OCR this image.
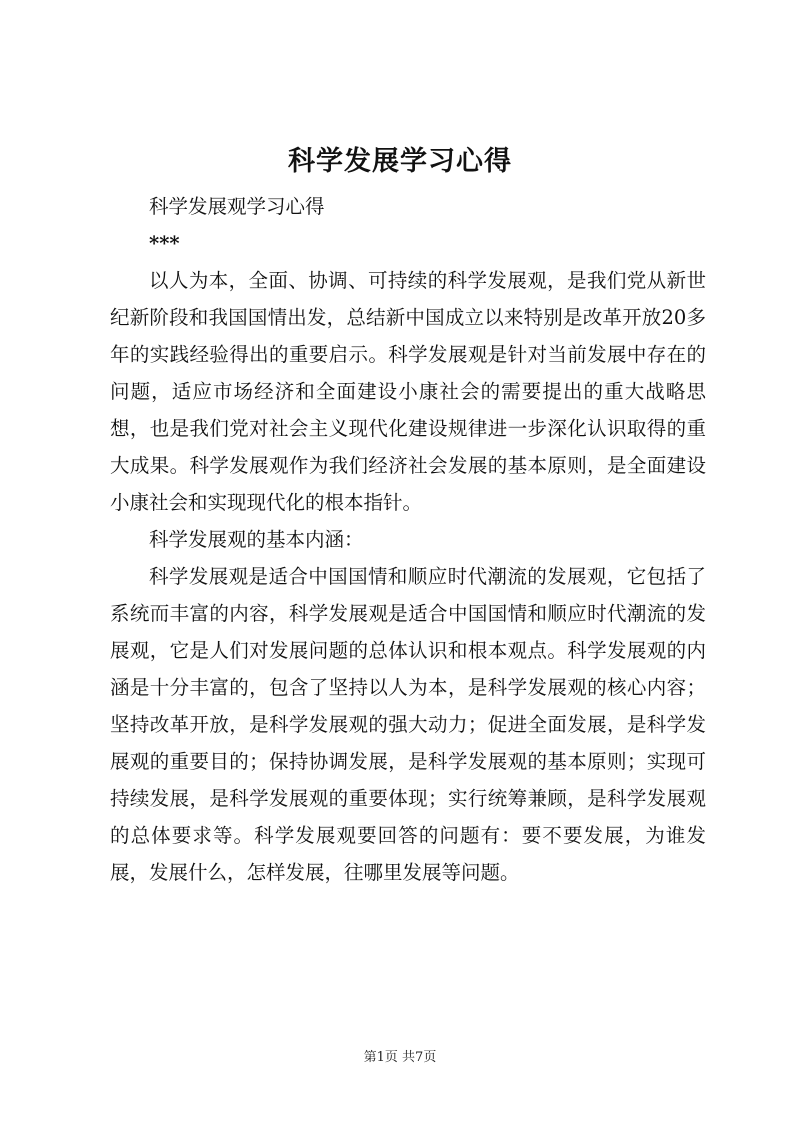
科学发展学习心得

科学发展观学习心得

***

以人为本，全面、协调、可持续的科学发展观，是我们党从新世纪新阶段和我国国情出发，总结新中国成立以来特别是改革开放20多年的实践经验得出的重要启示。科学发展观是针对当前发展中存在的问题，适应市场经济和全面建设小康社会的需要提出的重大战略思想，也是我们党对社会主义现代化建设规律进一步深化认识取得的重大成果。科学发展观作为我们经济社会发展的基本原则，是全面建设小康社会和实现现代化的根本指针。

科学发展观的基本内涵：

科学发展观是适合中国国情和顺应时代潮流的发展观，它包括了系统而丰富的内容，科学发展观是适合中国国情和顺应时代潮流的发展观，它是人们对发展问题的总体认识和根本观点。科学发展观的内涵是十分丰富的，包含了坚持以人为本，是科学发展观的核心内容；坚持改革开放，是科学发展观的强大动力；促进全面发展，是科学发展观的重要目的；保持协调发展，是科学发展观的基本原则；实现可持续发展，是科学发展观的重要体现；实行统筹兼顾，是科学发展观的总体要求等。科学发展观要回答的问题有：要不要发展，为谁发展，发展什么，怎样发展，往哪里发展等问题。

第1页 共7页
